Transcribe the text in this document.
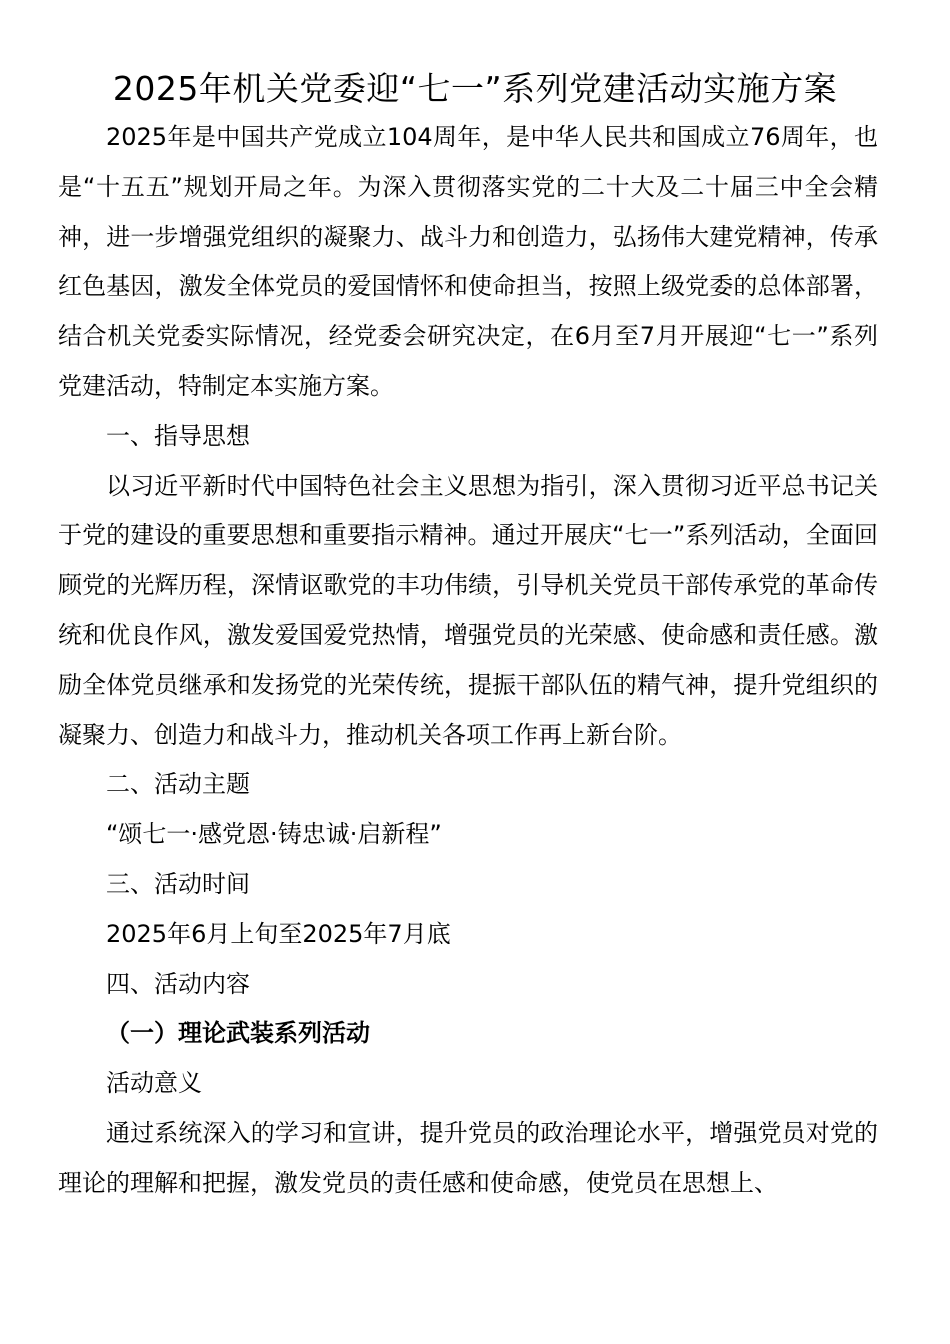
2025年机关党委迎“七一”系列党建活动实施方案

2025年是中国共产党成立104周年，是中华人民共和国成立76周年，也是“十五五”规划开局之年。为深入贯彻落实党的二十大及二十届三中全会精神，进一步增强党组织的凝聚力、战斗力和创造力，弘扬伟大建党精神，传承红色基因，激发全体党员的爱国情怀和使命担当，按照上级党委的总体部署，结合机关党委实际情况，经党委会研究决定，在6月至7月开展迎“七一”系列党建活动，特制定本实施方案。

一、指导思想

以习近平新时代中国特色社会主义思想为指引，深入贯彻习近平总书记关于党的建设的重要思想和重要指示精神。通过开展庆“七一”系列活动，全面回顾党的光辉历程，深情讴歌党的丰功伟绩，引导机关党员干部传承党的革命传统和优良作风，激发爱国爱党热情，增强党员的光荣感、使命感和责任感。激励全体党员继承和发扬党的光荣传统，提振干部队伍的精气神，提升党组织的凝聚力、创造力和战斗力，推动机关各项工作再上新台阶。

二、活动主题

“颂七一·感党恩·铸忠诚·启新程”

三、活动时间

2025年6月上旬至2025年7月底

四、活动内容

（一）理论武装系列活动

活动意义

通过系统深入的学习和宣讲，提升党员的政治理论水平，增强党员对党的理论的理解和把握，激发党员的责任感和使命感，使党员在思想上、
